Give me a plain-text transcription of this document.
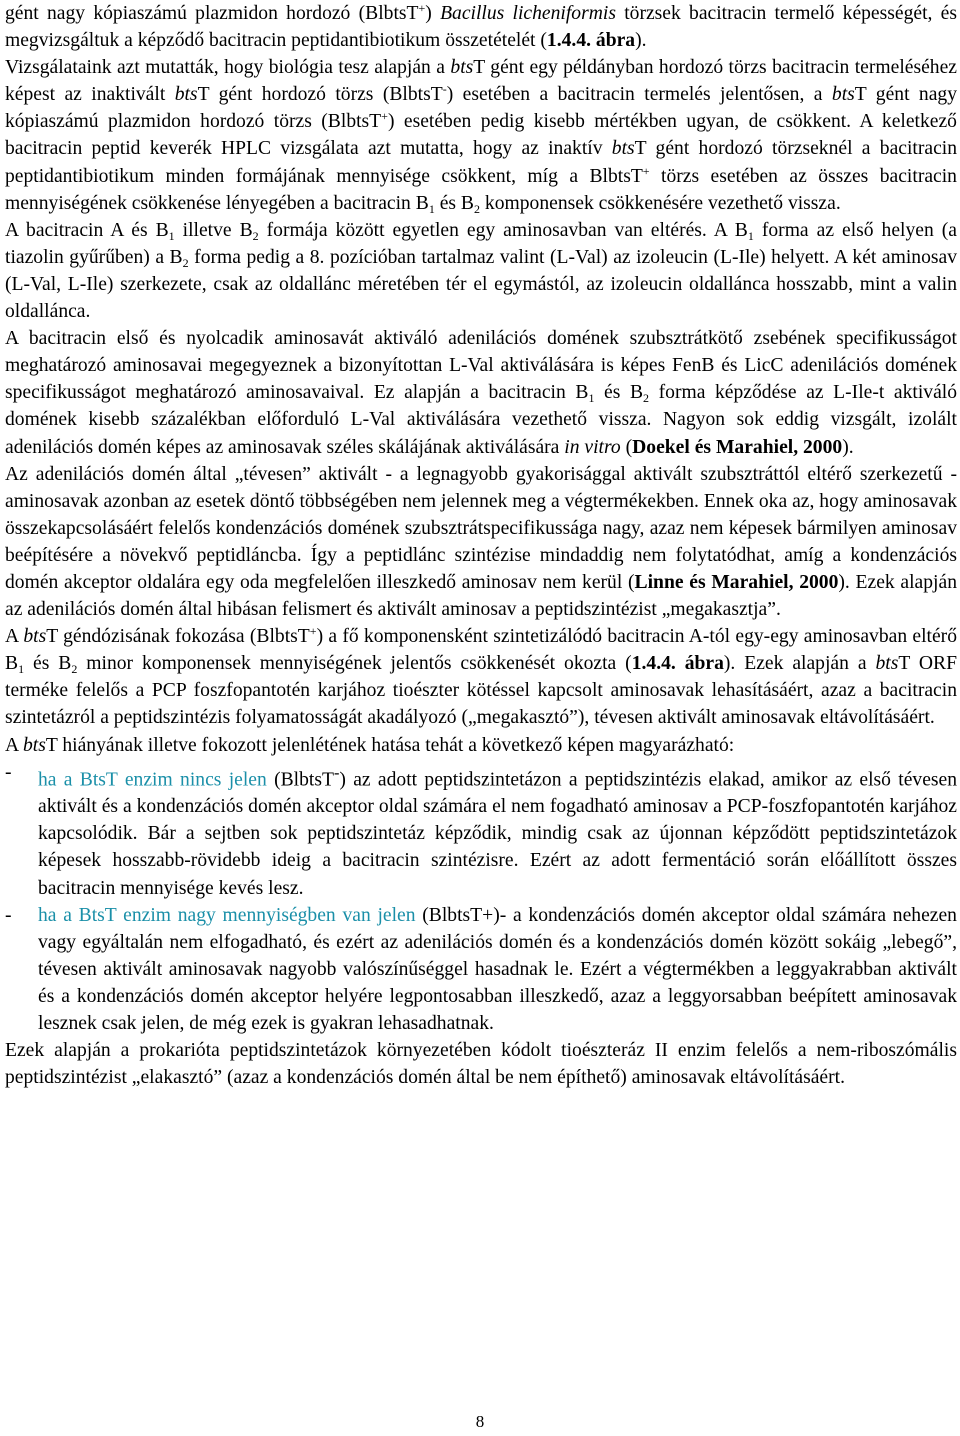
gént nagy kópiaszámú plazmidon hordozó (BlbtsT+) Bacillus licheniformis törzsek bacitracin termelő képességét, és megvizsgáltuk a képződő bacitracin peptidantibiotikum összetételét (1.4.4. ábra).

Vizsgálataink azt mutatták, hogy biológia tesz alapján a btsT gént egy példányban hordozó törzs bacitracin termeléséhez képest az inaktivált btsT gént hordozó törzs (BlbtsT-) esetében a bacitracin termelés jelentősen, a btsT gént nagy kópiaszámú plazmidon hordozó törzs (BlbtsT+) esetében pedig kisebb mértékben ugyan, de csökkent. A keletkező bacitracin peptid keverék HPLC vizsgálata azt mutatta, hogy az inaktív btsT gént hordozó törzseknél a bacitracin peptidantibiotikum minden formájának mennyisége csökkent, míg a BlbtsT+ törzs esetében az összes bacitracin mennyiségének csökkenése lényegében a bacitracin $B_1$ és $B_2$ komponensek csökkenésére vezethető vissza.

A bacitracin A és $B_1$ illetve $B_2$ formája között egyetlen egy aminosavban van eltérés. A $B_1$ forma az első helyen (a tiazolin gyűrűben) a $B_2$ forma pedig a 8. pozícióban tartalmaz valint (L-Val) az izoleucin (L-Ile) helyett. A két aminosav (L-Val, L-Ile) szerkezete, csak az oldallánc méretében tér el egymástól, az izoleucin oldallánca hosszabb, mint a valin oldallánca.

A bacitracin első és nyolcadik aminosavát aktiváló adenilációs domének szubsztrátkötő zsebének specifikusságot meghatározó aminosavai megegyeznek a bizonyítottan L-Val aktiválására is képes FenB és LicC adenilációs domének specifikusságot meghatározó aminosavaival. Ez alapján a bacitracin $B_1$ és $B_2$ forma képződése az L-Ile-t aktiváló domének kisebb százalékban előforduló L-Val aktiválására vezethető vissza. Nagyon sok eddig vizsgált, izolált adenilációs domén képes az aminosavak széles skálájának aktiválására in vitro (Doekel és Marahiel, 2000).

Az adenilációs domén által „tévesen” aktivált - a legnagyobb gyakorisággal aktivált szubsztráttól eltérő szerkezetű - aminosavak azonban az esetek döntő többségében nem jelennek meg a végtermékekben. Ennek oka az, hogy aminosavak összekapcsolásáért felelős kondenzációs domének szubsztrátspecifikussága nagy, azaz nem képesek bármilyen aminosav beépítésére a növekvő peptidláncba. Így a peptidlánc szintézise mindaddig nem folytatódhat, amíg a kondenzációs domén akceptor oldalára egy oda megfelelően illeszkedő aminosav nem kerül (Linne és Marahiel, 2000). Ezek alapján az adenilációs domén által hibásan felismert és aktivált aminosav a peptidszintézist „megakasztja”.

A btsT géndózisának fokozása (BlbtsT+) a fő komponensként szintetizálódó bacitracin A-tól egy-egy aminosavban eltérő $B_1$ és $B_2$ minor komponensek mennyiségének jelentős csökkenését okozta (1.4.4. ábra). Ezek alapján a btsT ORF terméke felelős a PCP foszfopantotén karjához tioészter kötéssel kapcsolt aminosavak lehasításáért, azaz a bacitracin szintetázról a peptidszintézis folyamatosságát akadályozó („megakasztó”), tévesen aktivált aminosavak eltávolításáért.

A btsT hiányának illetve fokozott jelenlétének hatása tehát a következő képen magyarázható:

- ha a BtsT enzim nincs jelen (BlbtsT-) az adott peptidszintetázon a peptidszintézis elakad, amikor az első tévesen aktivált és a kondenzációs domén akceptor oldal számára el nem fogadható aminosav a PCP-foszfopantotén karjához kapcsolódik. Bár a sejtben sok peptidszintetáz képződik, mindig csak az újonnan képződött peptidszintetázok képesek hosszabb-rövidebb ideig a bacitracin szintézisre. Ezért az adott fermentáció során előállított összes bacitracin mennyisége kevés lesz.
- ha a BtsT enzim nagy mennyiségben van jelen (BlbtsT+)- a kondenzációs domén akceptor oldal számára nehezen vagy egyáltalán nem elfogadható, és ezért az adenilációs domén és a kondenzációs domén között sokáig „lebegő”, tévesen aktivált aminosavak nagyobb valószínűséggel hasadnak le. Ezért a végtermékben a leggyakrabban aktivált és a kondenzációs domén akceptor helyére legpontosabban illeszkedő, azaz a leggyorsabban beépített aminosavak lesznek csak jelen, de még ezek is gyakran lehasadhatnak.

Ezek alapján a prokarióta peptidszintetázok környezetében kódolt tioészteráz II enzim felelős a nem-riboszómális peptidszintézist „elakasztó” (azaz a kondenzációs domén által be nem építhető) aminosavak eltávolításáért.

8
